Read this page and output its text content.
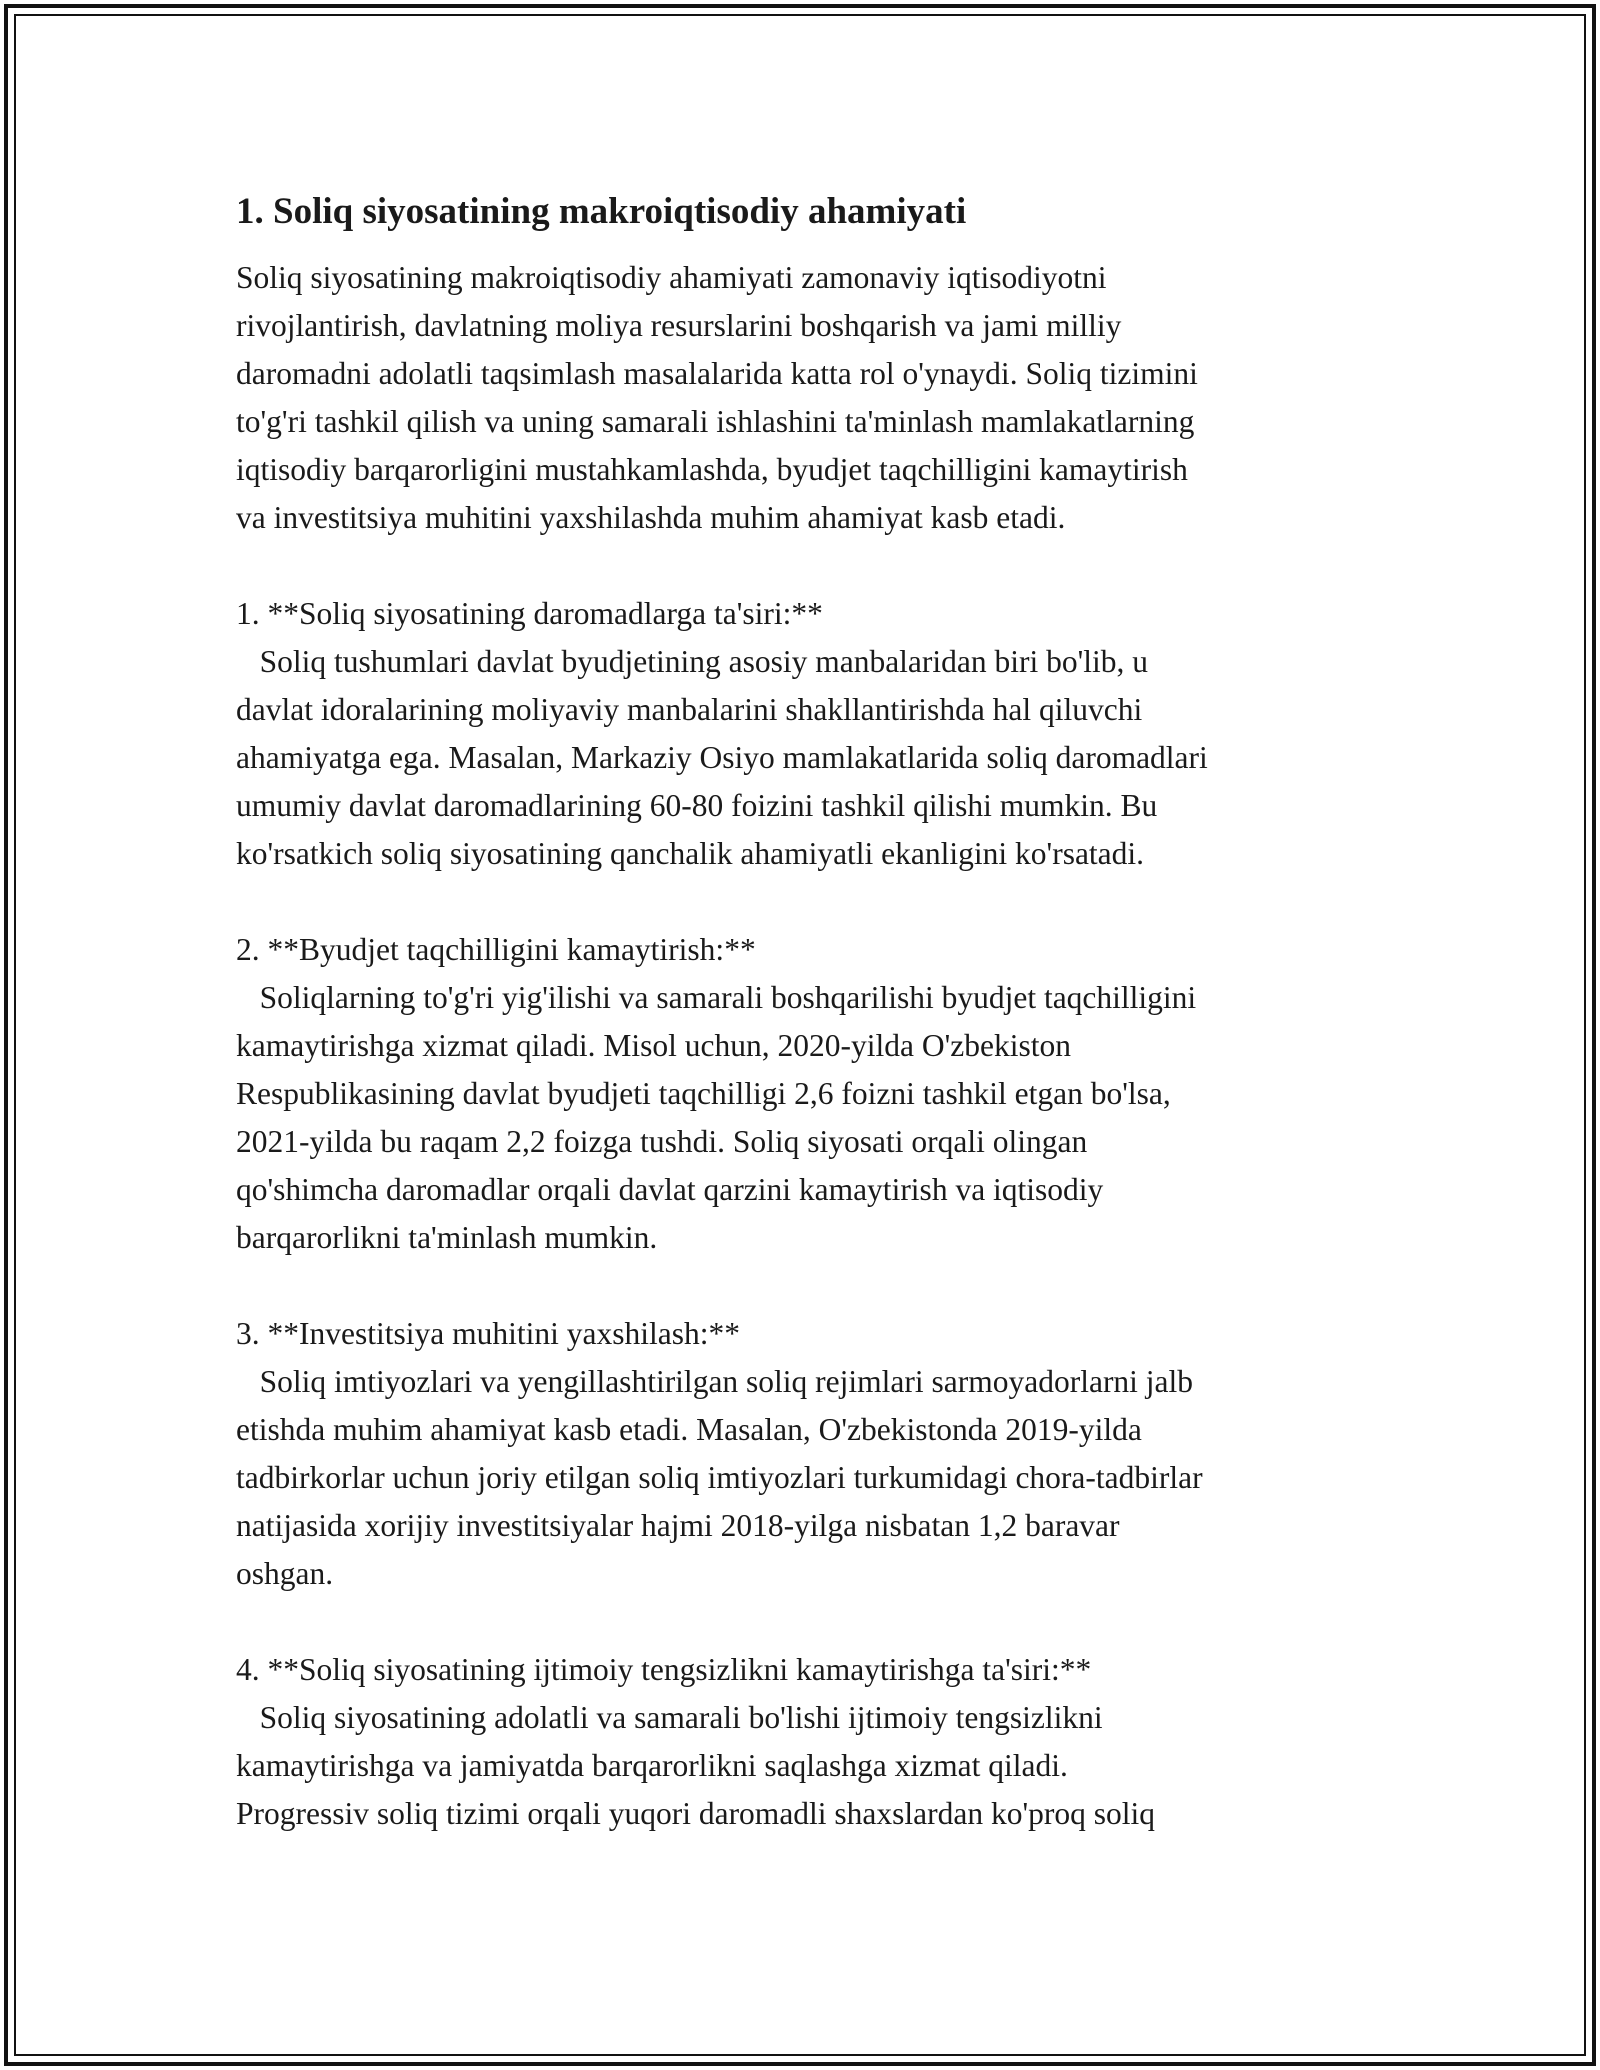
1. Soliq siyosatining makroiqtisodiy ahamiyati
Soliq siyosatining makroiqtisodiy ahamiyati zamonaviy iqtisodiyotni
rivojlantirish, davlatning moliya resurslarini boshqarish va jami milliy
daromadni adolatli taqsimlash masalalarida katta rol o'ynaydi. Soliq tizimini
to'g'ri tashkil qilish va uning samarali ishlashini ta'minlash mamlakatlarning
iqtisodiy barqarorligini mustahkamlashda, byudjet taqchilligini kamaytirish
va investitsiya muhitini yaxshilashda muhim ahamiyat kasb etadi.
1. **Soliq siyosatining daromadlarga ta'siri:**
Soliq tushumlari davlat byudjetining asosiy manbalaridan biri bo'lib, u
davlat idoralarining moliyaviy manbalarini shakllantirishda hal qiluvchi
ahamiyatga ega. Masalan, Markaziy Osiyo mamlakatlarida soliq daromadlari
umumiy davlat daromadlarining 60-80 foizini tashkil qilishi mumkin. Bu
ko'rsatkich soliq siyosatining qanchalik ahamiyatli ekanligini ko'rsatadi.
2. **Byudjet taqchilligini kamaytirish:**
Soliqlarning to'g'ri yig'ilishi va samarali boshqarilishi byudjet taqchilligini
kamaytirishga xizmat qiladi. Misol uchun, 2020-yilda O'zbekiston
Respublikasining davlat byudjeti taqchilligi 2,6 foizni tashkil etgan bo'lsa,
2021-yilda bu raqam 2,2 foizga tushdi. Soliq siyosati orqali olingan
qo'shimcha daromadlar orqali davlat qarzini kamaytirish va iqtisodiy
barqarorlikni ta'minlash mumkin.
3. **Investitsiya muhitini yaxshilash:**
Soliq imtiyozlari va yengillashtirilgan soliq rejimlari sarmoyadorlarni jalb
etishda muhim ahamiyat kasb etadi. Masalan, O'zbekistonda 2019-yilda
tadbirkorlar uchun joriy etilgan soliq imtiyozlari turkumidagi chora-tadbirlar
natijasida xorijiy investitsiyalar hajmi 2018-yilga nisbatan 1,2 baravar
oshgan.
4. **Soliq siyosatining ijtimoiy tengsizlikni kamaytirishga ta'siri:**
Soliq siyosatining adolatli va samarali bo'lishi ijtimoiy tengsizlikni
kamaytirishga va jamiyatda barqarorlikni saqlashga xizmat qiladi.
Progressiv soliq tizimi orqali yuqori daromadli shaxslardan ko'proq soliq
